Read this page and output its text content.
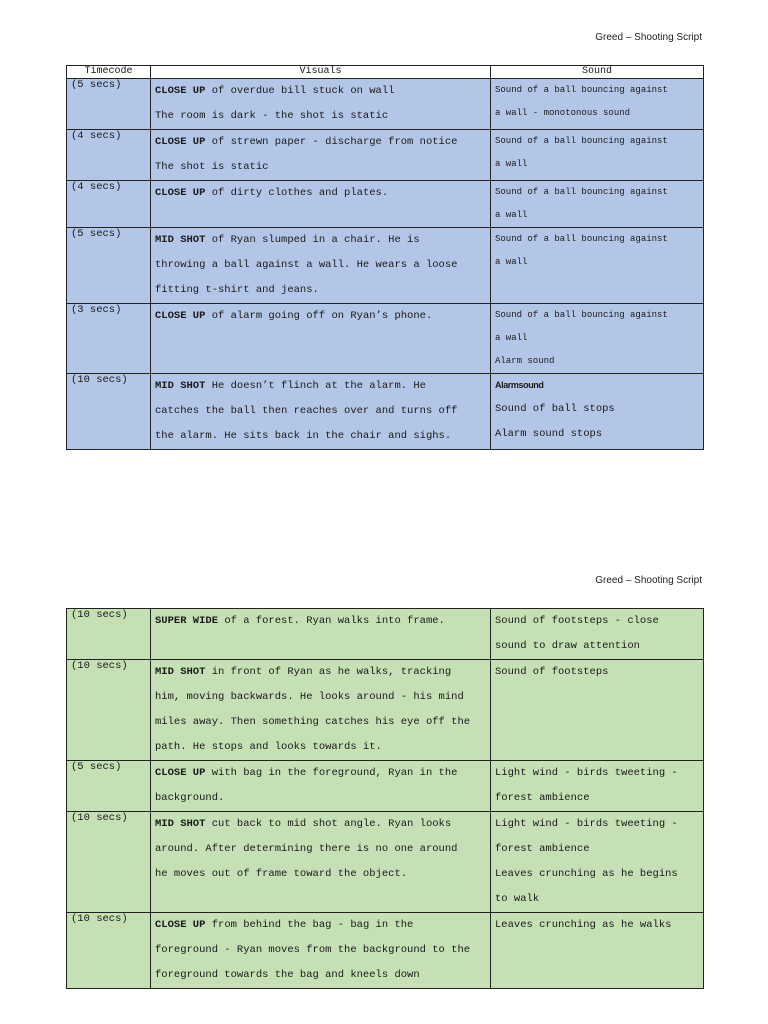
Greed – Shooting Script
Timecode	Visuals	Sound

(5 secs)	CLOSE UP of overdue bill stuck on wall
The room is dark - the shot is static	Sound of a ball bouncing against
a wall - monotonous sound

(4 secs)	CLOSE UP of strewn paper - discharge from notice
The shot is static	Sound of a ball bouncing against
a wall

(4 secs)	CLOSE UP of dirty clothes and plates.	Sound of a ball bouncing against
a wall

(5 secs)	MID SHOT of Ryan slumped in a chair. He is
throwing a ball against a wall. He wears a loose
fitting t-shirt and jeans.	Sound of a ball bouncing against
a wall

(3 secs)	CLOSE UP of alarm going off on Ryan’s phone.	Sound of a ball bouncing against
a wall
Alarm sound

(10 secs)	MID SHOT He doesn’t flinch at the alarm. He
catches the ball then reaches over and turns off
the alarm. He sits back in the chair and sighs.	Alarmsound
Sound of ball stops
Alarm sound stops
Greed – Shooting Script
(10 secs)	SUPER WIDE of a forest. Ryan walks into frame.	Sound of footsteps - close
sound to draw attention

(10 secs)	MID SHOT in front of Ryan as he walks, tracking
him, moving backwards. He looks around - his mind
miles away. Then something catches his eye off the
path. He stops and looks towards it.	Sound of footsteps

(5 secs)	CLOSE UP with bag in the foreground, Ryan in the
background.	Light wind - birds tweeting -
forest ambience

(10 secs)	MID SHOT cut back to mid shot angle. Ryan looks
around. After determining there is no one around
he moves out of frame toward the object.	Light wind - birds tweeting -
forest ambience
Leaves crunching as he begins
to walk

(10 secs)	CLOSE UP from behind the bag - bag in the
foreground - Ryan moves from the background to the
foreground towards the bag and kneels down	Leaves crunching as he walks
